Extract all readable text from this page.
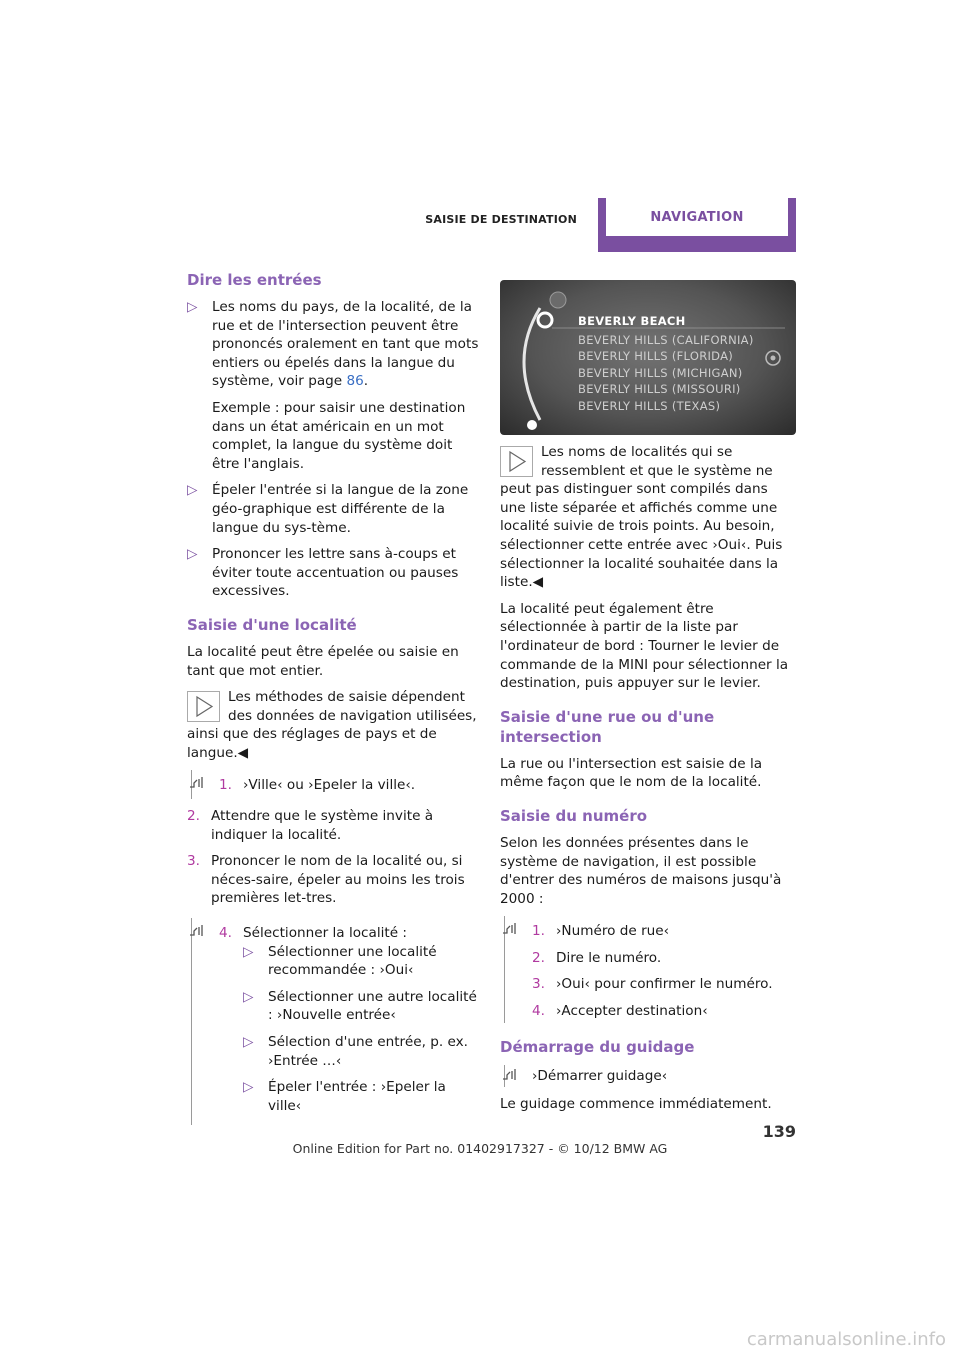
SAISIE DE DESTINATION	NAVIGATION
Dire les entrées
▷ Les noms du pays, de la localité, de la rue et de l'intersection peuvent être prononcés oralement en tant que mots entiers ou épelés dans la langue du système, voir page 86.
Exemple : pour saisir une destination dans un état américain en un mot complet, la langue du système doit être l'anglais.
▷ Épeler l'entrée si la langue de la zone géo-graphique est différente de la langue du sys-tème.
▷ Prononcer les lettre sans à-coups et éviter toute accentuation ou pauses excessives.
Saisie d'une localité

La localité peut être épelée ou saisie en tant que mot entier.

Les méthodes de saisie dépendent des données de navigation utilisées, ainsi que des réglages de pays et de langue.◀
1. ›Ville‹ ou ›Epeler la ville‹.
2. Attendre que le système invite à indiquer la localité.
3. Prononcer le nom de la localité ou, si néces-saire, épeler au moins les trois premières let-tres.
4. Sélectionner la localité :
▷ Sélectionner une localité recommandée : ›Oui‹
▷ Sélectionner une autre localité : ›Nouvelle entrée‹
▷ Sélection d'une entrée, p. ex. ›Entrée …‹
▷ Épeler l'entrée : ›Epeler la ville‹
BEVERLY BEACH
BEVERLY HILLS (CALIFORNIA)
BEVERLY HILLS (FLORIDA)
BEVERLY HILLS (MICHIGAN)
BEVERLY HILLS (MISSOURI)
BEVERLY HILLS (TEXAS)
Les noms de localités qui se ressemblent et que le système ne peut pas distinguer sont compilés dans une liste séparée et affichés comme une localité suivie de trois points. Au besoin, sélectionner cette entrée avec ›Oui‹. Puis sélectionner la localité souhaitée dans la liste.◀

La localité peut également être sélectionnée à partir de la liste par l'ordinateur de bord : Tourner le levier de commande de la MINI pour sélectionner la destination, puis appuyer sur le levier.

Saisie d'une rue ou d'une intersection

La rue ou l'intersection est saisie de la même façon que le nom de la localité.

Saisie du numéro

Selon les données présentes dans le système de navigation, il est possible d'entrer des numéros de maisons jusqu'à 2000 :

1. ›Numéro de rue‹
2. Dire le numéro.
3. ›Oui‹ pour confirmer le numéro.
4. ›Accepter destination‹
Démarrage du guidage
›Démarrer guidage‹

Le guidage commence immédiatement.

139
Online Edition for Part no. 01402917327 - © 10/12 BMW AG
carmanualsonline.info
